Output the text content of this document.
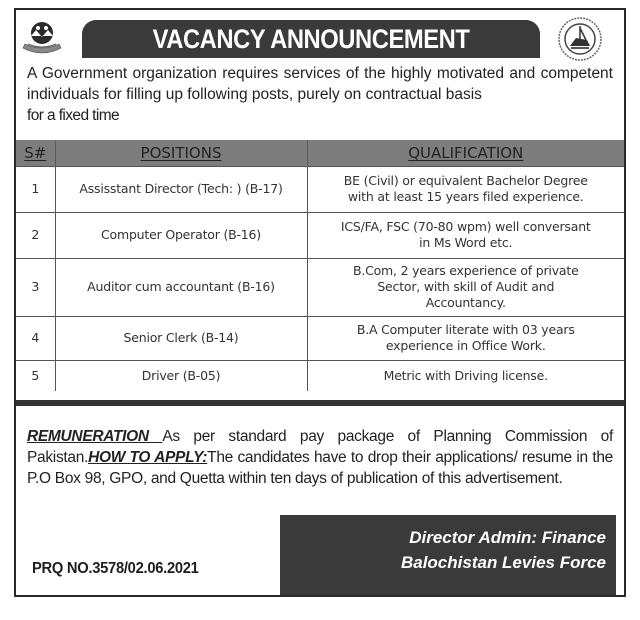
VACANCY ANNOUNCEMENT

A Government organization requires services of the highly motivated and competent individuals for filling up following posts, purely on contractual basis
for a fixed time

S#	POSITIONS	QUALIFICATION
1	Assisstant Director (Tech: ) (B-17)	BE (Civil) or equivalent Bachelor Degree
with at least 15 years filed experience.

2	Computer Operator (B-16)	ICS/FA, FSC (70-80 wpm) well conversant
in Ms Word etc.

3	Auditor cum accountant (B-16)	B.Com, 2 years experience of private
Sector, with skill of Audit and
Accountancy.

4	Senior Clerk (B-14)	B.A Computer literate with 03 years
experience in Office Work.

5	Driver (B-05)	Metric with Driving license.

REMUNERATION As per standard pay package of Planning Commission of Pakistan.HOW TO APPLY:The candidates have to drop their applications/ resume in the P.O Box 98, GPO, and Quetta within ten days of publication of this advertisement.

Director Admin: Finance
Balochistan Levies Force
PRQ NO.3578/02.06.2021
